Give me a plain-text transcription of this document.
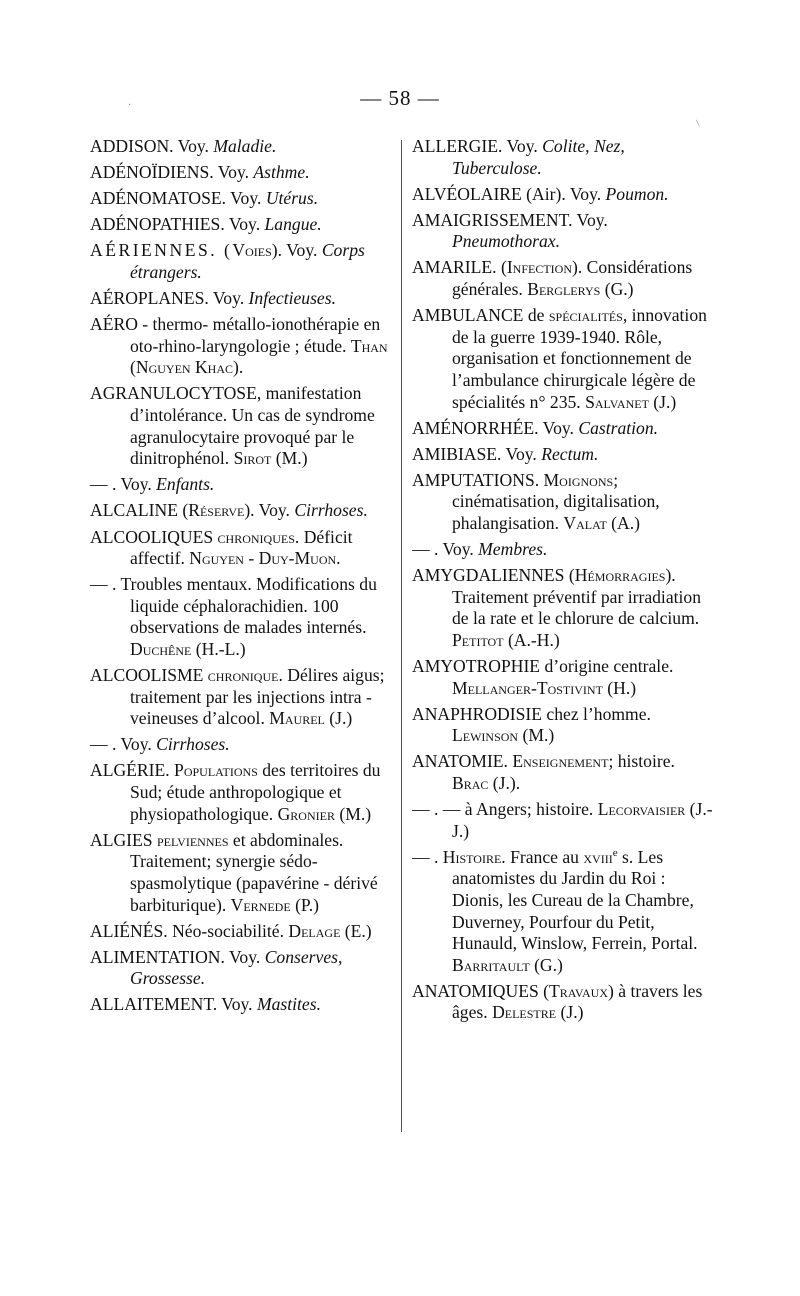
— 58 —

ADDISON. Voy. Maladie.

ADÉNOÏDIENS. Voy. Asthme.

ADÉNOMATOSE. Voy. Utérus.

ADÉNOPATHIES. Voy. Langue.

AÉRIENNES. (Voies). Voy. Corps étrangers.

AÉROPLANES. Voy. Infectieuses.

AÉRO - thermo- métallo-ionothérapie en oto-rhino-laryngologie ; étude. Than (Nguyen Khac).

AGRANULOCYTOSE, manifestation d’intolérance. Un cas de syndrome agranulocytaire provoqué par le dinitrophénol. Sirot (M.)

— . Voy. Enfants.

ALCALINE (Réserve). Voy. Cirrhoses.

ALCOOLIQUES chroniques. Déficit affectif. Nguyen - Duy-Muon.

— . Troubles mentaux. Modifications du liquide céphalorachidien. 100 observations de malades internés. Duchêne (H.-L.)

ALCOOLISME chronique. Délires aigus; traitement par les injections intra - veineuses d’alcool. Maurel (J.)

— . Voy. Cirrhoses.

ALGÉRIE. Populations des territoires du Sud; étude anthropologique et physiopathologique. Gronier (M.)

ALGIES pelviennes et abdominales. Traitement; synergie sédo-spasmolytique (papavérine - dérivé barbiturique). Vernede (P.)

ALIÉNÉS. Néo-sociabilité. Delage (E.)

ALIMENTATION. Voy. Conserves, Grossesse.

ALLAITEMENT. Voy. Mastites.

ALLERGIE. Voy. Colite, Nez, Tuberculose.

ALVÉOLAIRE (Air). Voy. Poumon.

AMAIGRISSEMENT. Voy. Pneumothorax.

AMARILE. (Infection). Considérations générales. Berglerys (G.)

AMBULANCE de spécialités, innovation de la guerre 1939-1940. Rôle, organisation et fonctionnement de l’ambulance chirurgicale légère de spécialités n° 235. Salvanet (J.)

AMÉNORRHÉE. Voy. Castration.

AMIBIASE. Voy. Rectum.

AMPUTATIONS. Moignons; cinématisation, digitalisation, phalangisation. Valat (A.)

— . Voy. Membres.

AMYGDALIENNES (Hémorragies). Traitement préventif par irradiation de la rate et le chlorure de calcium. Petitot (A.-H.)

AMYOTROPHIE d’origine centrale. Mellanger-Tostivint (H.)

ANAPHRODISIE chez l’homme. Lewinson (M.)

ANATOMIE. Enseignement; histoire. Brac (J.).

— . — à Angers; histoire. Lecorvaisier (J.-J.)

— . Histoire. France au xviii$^e$ s. Les anatomistes du Jardin du Roi : Dionis, les Cureau de la Chambre, Duverney, Pourfour du Petit, Hunauld, Winslow, Ferrein, Portal. Barritault (G.)

ANATOMIQUES (Travaux) à travers les âges. Delestre (J.)

/
·
